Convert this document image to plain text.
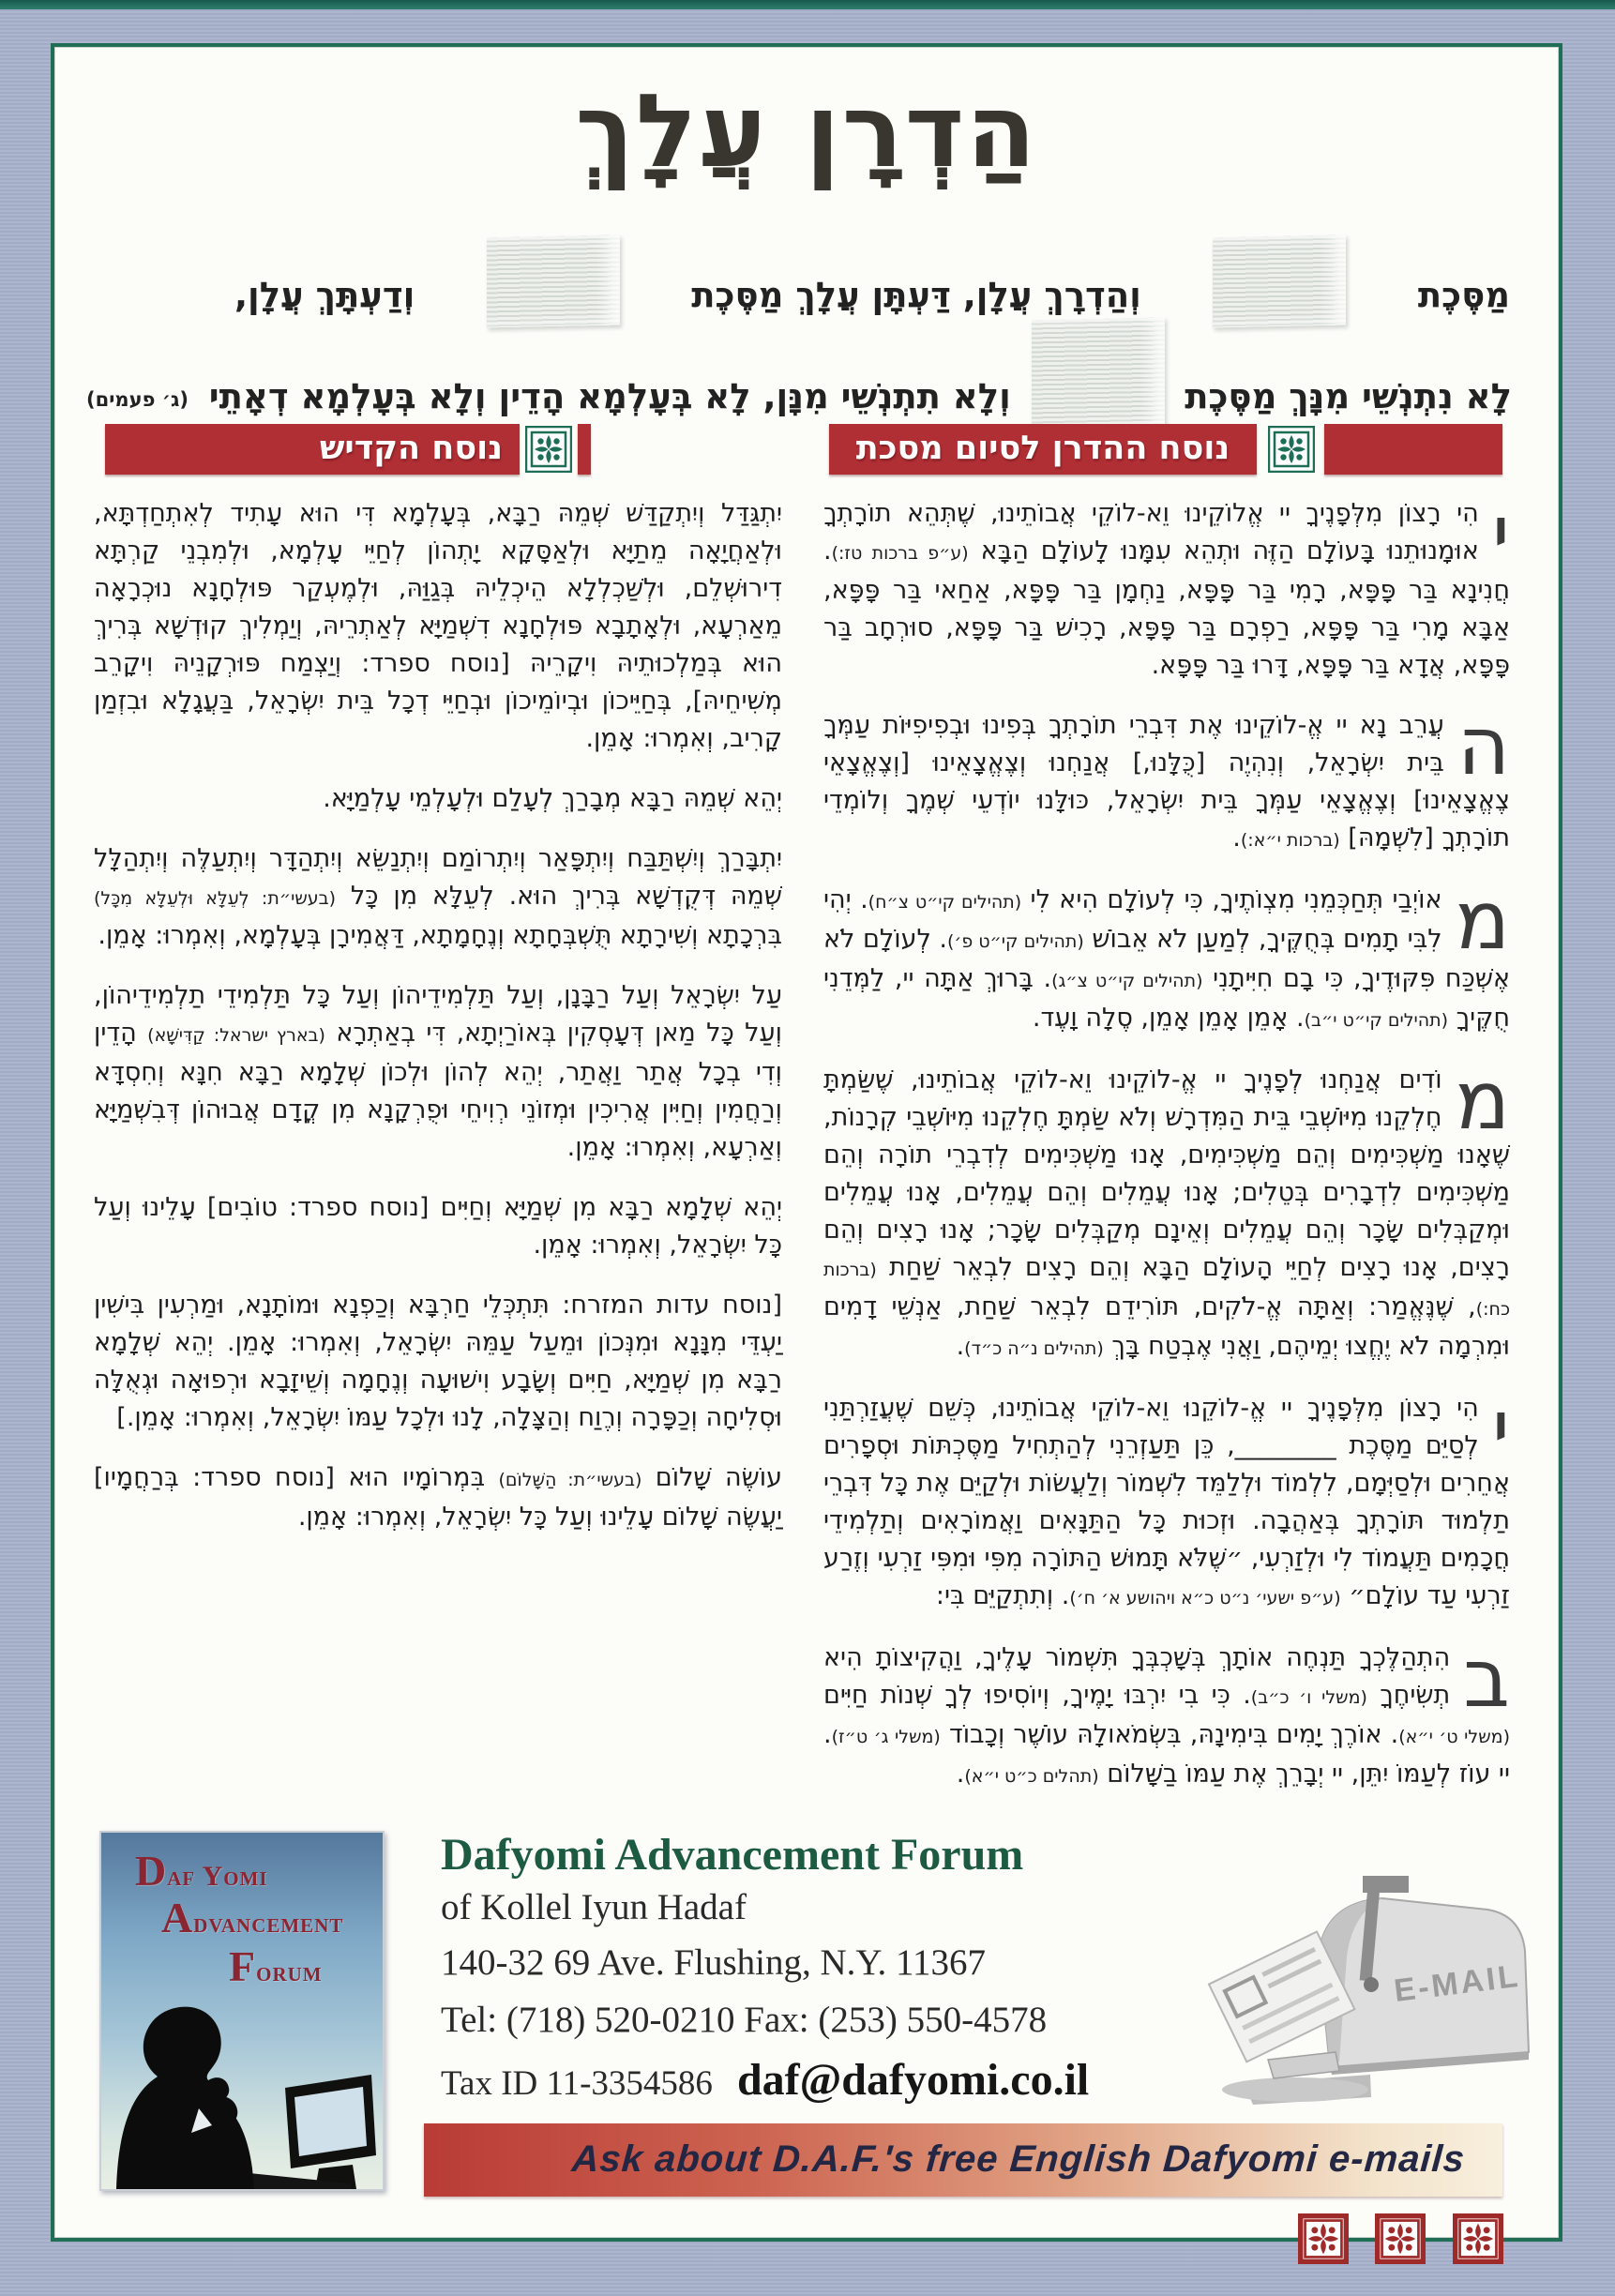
הַדְרָן עֲלָךְ
מַסֶּכֶת
וְהַדְרָךְ עֲלָן, דַּעְתָּן עֲלָךְ מַסֶּכֶת
וְדַעְתָּךְ עֲלָן,
לָא נִתְנְשֵׁי מִנָּךְ מַסֶּכֶת
וְלָא תִתְנְשֵׁי מִנָּן, לָא בְּעָלְמָא הָדֵין וְלָא בְּעָלְמָא דְאָתֵי
(ג׳ פעמים)
נוסח ההדרן לסיום מסכת
נוסח הקדיש

י
הִי רָצוֹן מִלְּפָנֶיךָ יי אֱלוֹקֵינוּ וֵא-לוֹקֵי אֲבוֹתֵינוּ, שֶׁתְּהֵא תוֹרָתְךָ אוּמָנוּתֵנוּ בָּעוֹלָם הַזֶּה וּתְהֵא עִמָּנוּ לָעוֹלָם הַבָּא (ע״פ ברכות טז:). חֲנִינָא בַּר פָּפָּא, רָמִי בַּר פָּפָּא, נַחְמָן בַּר פָּפָּא, אַחַאי בַּר פָּפָּא, אַבָּא מָרִי בַּר פָּפָּא, רַפְרָם בַּר פָּפָּא, רָכִישׁ בַּר פָּפָּא, סוּרְחָב בַּר פָּפָּא, אֲדָא בַּר פָּפָּא, דָּרוּ בַּר פָּפָּא.

ה
עֲרֵב נָא יי אֱ-לוֹקֵינוּ אֶת דִּבְרֵי תוֹרָתְךָ בְּפִינוּ וּבְפִיפִיּוֹת עַמְּךָ בֵּית יִשְׂרָאֵל, וְנִהְיֶה [כֻּלָּנוּ,] אֲנַחְנוּ וְצֶאֱצָאֵינוּ [וְצֶאֱצָאֵי צֶאֱצָאֵינוּ] וְצֶאֱצָאֵי עַמְּךָ בֵּית יִשְׂרָאֵל, כּוּלָּנוּ יוֹדְעֵי שְׁמֶךָ וְלוֹמְדֵי תוֹרָתְךָ [לִשְׁמָהּ] (ברכות י״א:).

מ
אוֹיְבַי תְּחַכְּמֵנִי מִצְוֹתֶיךָ, כִּי לְעוֹלָם הִיא לִי (תהילים קי״ט צ״ח). יְהִי לִבִּי תָמִים בְּחֻקֶּיךָ, לְמַעַן לֹא אֵבוֹשׁ (תהילים קי״ט פ׳). לְעוֹלָם לֹא אֶשְׁכַּח פִּקּוּדֶיךָ, כִּי בָם חִיִּיתָנִי (תהילים קי״ט צ״ג). בָּרוּךְ אַתָּה יי, לַמְּדֵנִי חֻקֶּיךָ (תהילים קי״ט י״ב). אָמֵן אָמֵן אָמֵן, סֶלָה וָעֶד.

מ
וֹדִים אֲנַחְנוּ לְפָנֶיךָ יי אֱ-לוֹקֵינוּ וֵא-לוֹקֵי אֲבוֹתֵינוּ, שֶׁשַּׂמְתָּ חֶלְקֵנוּ מִיּוֹשְׁבֵי בֵּית הַמִּדְרָשׁ וְלֹא שַׂמְתָּ חֶלְקֵנוּ מִיּוֹשְׁבֵי קְרָנוֹת, שֶׁאָנוּ מַשְׁכִּימִים וְהֵם מַשְׁכִּימִים, אָנוּ מַשְׁכִּימִים לְדִבְרֵי תוֹרָה וְהֵם מַשְׁכִּימִים לִדְבָרִים בְּטֵלִים; אָנוּ עֲמֵלִים וְהֵם עֲמֵלִים, אָנוּ עֲמֵלִים וּמְקַבְּלִים שָׂכָר וְהֵם עֲמֵלִים וְאֵינָם מְקַבְּלִים שָׂכָר; אָנוּ רָצִים וְהֵם רָצִים, אָנוּ רָצִים לְחַיֵּי הָעוֹלָם הַבָּא וְהֵם רָצִים לִבְאֵר שַׁחַת (ברכות כח:), שֶׁנֶּאֱמַר: וְאַתָּה אֱ-לֹקִים, תּוֹרִידֵם לִבְאֵר שַׁחַת, אַנְשֵׁי דָמִים וּמִרְמָה לֹא יֶחֱצוּ יְמֵיהֶם, וַאֲנִי אֶבְטַח בָּךְ (תהילים נ״ה כ״ד).

י
הִי רָצוֹן מִלְּפָנֶיךָ יי אֱ-לוֹקֵנוּ וֵא-לוֹקֵי אֲבוֹתֵינוּ, כְּשֵׁם שֶׁעֲזַרְתַּנִי לְסַיֵּם מַסֶּכֶת ________, כֵּן תַּעַזְרֵנִי לְהַתְחִיל מַסֶּכְתּוֹת וּסְפָרִים אֲחֵרִים וּלְסַיְּמָם, לִלְמוֹד וּלְלַמֵּד לִשְׁמוֹר וְלַעֲשׂוֹת וּלְקַיֵּם אֶת כָּל דִּבְרֵי תַלְמוּד תּוֹרָתְךָ בְּאַהֲבָה. וּזְכוּת כָּל הַתַּנָּאִים וַאֲמוֹרָאִים וְתַלְמִידֵי חֲכָמִים תַּעֲמוֹד לִי וּלְזַרְעִי, ״שֶׁלֹּא תָּמוּשׁ הַתּוֹרָה מִפִּי וּמִפִּי זַרְעִי וְזֶרַע זַרְעִי עַד עוֹלָם״ (ע״פ ישעי׳ נ״ט כ״א ויהושע א׳ ח׳). וְתִתְקַיֵּם בִּי:

ב
הִתְהַלֶּכְךָ תַּנְחֶה אוֹתָךְ בְּשָׁכְבְּךָ תִּשְׁמוֹר עָלֶיךָ, וַהֲקִיצוֹתָ הִיא תְשִׂיחֶךָ (משלי ו׳ כ״ב). כִּי בִי יִרְבּוּ יָמֶיךָ, וְיוֹסִיפוּ לְךָ שְׁנוֹת חַיִּים (משלי ט׳ י״א). אוֹרֶךְ יָמִים בִּימִינָהּ, בִּשְׂמֹאולָהּ עוֹשֶׁר וְכָבוֹד (משלי ג׳ ט״ז). יי עוֹז לְעַמּוֹ יִתֵּן, יי יְבָרֵךְ אֶת עַמּוֹ בַשָּׁלוֹם (תהלים כ״ט י״א).

יִתְגַּדַּל וְיִתְקַדַּשׁ שְׁמֵהּ רַבָּא, בְּעָלְמָא דִּי הוּא עָתִיד לְאִתְחַדְתָּא, וּלְאַחֲיָאָה מֵתַיָּא וּלְאַסָּקָא יָתְהוֹן לְחַיֵּי עָלְמָא, וּלְמִבְנֵי קַרְתָּא דִירוּשְׁלֵם, וּלְשַׁכְלְלָא הֵיכְלֵיהּ בְּגַוַּהּ, וּלְמֶעְקַר פּוּלְחָנָא נוּכְרָאָה מֵאַרְעָא, וּלְאָתָבָא פּוּלְחָנָא דִשְׁמַיָּא לְאַתְרֵיהּ, וְיַמְלִיךְ קוּדְשָׁא בְּרִיךְ הוּא בְּמַלְכוּתֵיהּ וִיקָרֵיהּ [נוסח ספרד: וְיַצְמַח פּוּרְקָנֵיהּ וִיקָרֵב מְשִׁיחֵיהּ], בְּחַיֵּיכוֹן וּבְיוֹמֵיכוֹן וּבְחַיֵּי דְכָל בֵּית יִשְׂרָאֵל, בַּעֲגָלָא וּבִזְמַן קָרִיב, וְאִמְרוּ: אָמֵן.

יְהֵא שְׁמֵהּ רַבָּא מְבָרַךְ לְעָלַם וּלְעָלְמֵי עָלְמַיָּא.

יִתְבָּרַךְ וְיִשְׁתַּבַּח וְיִתְפָּאַר וְיִתְרוֹמַם וְיִתְנַשֵּׂא וְיִתְהַדָּר וְיִתְעַלֶּה וְיִתְהַלָּל שְׁמֵהּ דְּקֻדְשָׁא בְּרִיךְ הוּא. לְעֵלָּא מִן כָּל (בעשי״ת: לְעֵלָּא וּלְעֵלָּא מִכָּל) בִּרְכָתָא וְשִׁירָתָא תֻּשְׁבְּחָתָא וְנֶחָמָתָא, דַּאֲמִירָן בְּעָלְמָא, וְאִמְרוּ: אָמֵן.

עַל יִשְׂרָאֵל וְעַל רַבָּנָן, וְעַל תַּלְמִידֵיהוֹן וְעַל כָּל תַּלְמִידֵי תַלְמִידֵיהוֹן, וְעַל כָּל מַאן דְּעָסְקִין בְּאוֹרַיְתָא, דִּי בְאַתְרָא (בארץ ישראל: קַדִּישָׁא) הָדֵין וְדִי בְכָל אֲתַר וַאֲתַר, יְהֵא לְהוֹן וּלְכוֹן שְׁלָמָא רַבָּא חִנָּא וְחִסְדָּא וְרַחֲמִין וְחַיִּין אֲרִיכִין וּמְזוֹנֵי רְוִיחֵי וּפֻרְקָנָא מִן קֳדָם אֲבוּהוֹן דְּבִשְׁמַיָּא וְאַרְעָא, וְאִמְרוּ: אָמֵן.

יְהֵא שְׁלָמָא רַבָּא מִן שְׁמַיָּא וְחַיִּים [נוסח ספרד: טוֹבִים] עָלֵינוּ וְעַל כָּל יִשְׂרָאֵל, וְאִמְרוּ: אָמֵן.

[נוסח עדות המזרח: תִּתְכְּלֵי חַרְבָּא וְכַפְנָא וּמוֹתָנָא, וּמַרְעִין בִּישִׁין יַעְדֵּי מִנָּנָא וּמִנְּכוֹן וּמֵעַל עַמֵּהּ יִשְׂרָאֵל, וְאִמְרוּ: אָמֵן. יְהֵא שְׁלָמָא רַבָּא מִן שְׁמַיָּא, חַיִּים וְשָׂבָע וִישׁוּעָה וְנֶחָמָה וְשֵׁיזָבָא וּרְפוּאָה וּגְאֻלָּה וּסְלִיחָה וְכַפָּרָה וְרֶוַח וְהַצָּלָה, לָנוּ וּלְכָל עַמּוֹ יִשְׂרָאֵל, וְאִמְרוּ: אָמֵן.]

עוֹשֶׂה שָׁלוֹם (בעשי״ת: הַשָּׁלוֹם) בִּמְרוֹמָיו הוּא [נוסח ספרד: בְּרַחֲמָיו] יַעֲשֶׂה שָׁלוֹם עָלֵינוּ וְעַל כָּל יִשְׂרָאֵל, וְאִמְרוּ: אָמֵן.

Daf Yomi
Advancement
Forum

Dafyomi Advancement Forum

of Kollel Iyun Hadaf

140-32 69 Ave. Flushing, N.Y. 11367

Tel: (718) 520-0210 Fax: (253) 550-4578

Tax ID 11-3354586 daf@dafyomi.co.il
E-MAIL
Ask about D.A.F.'s free English Dafyomi e-mails
